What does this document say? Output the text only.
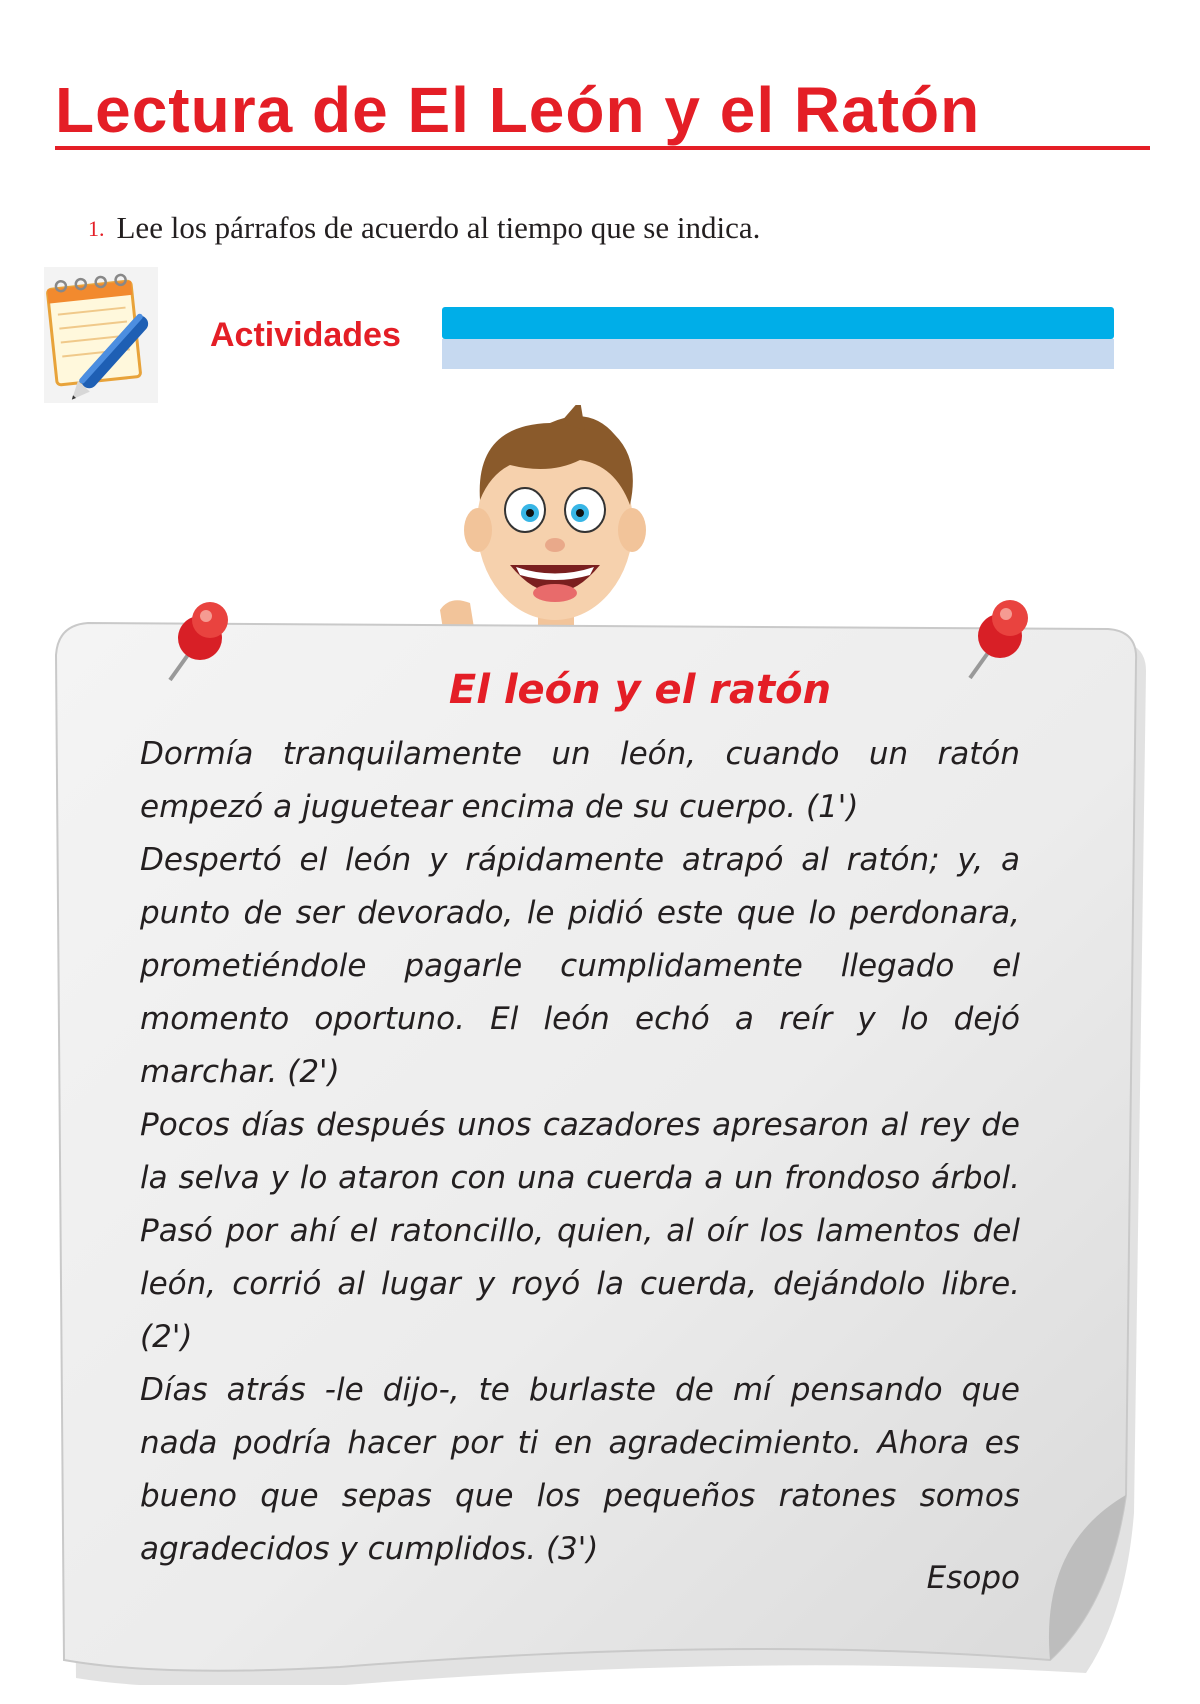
Lectura de El León y el Ratón
1. Lee los párrafos de acuerdo al tiempo que se indica.
Actividades
El león y el ratón

Dormía tranquilamente un león, cuando un ratón empezó a juguetear encima de su cuerpo. (1')

Despertó el león y rápidamente atrapó al ratón; y, a punto de ser devorado, le pidió este que lo perdonara, prometiéndole pagarle cumplidamente llegado el momento oportuno. El león echó a reír y lo dejó marchar. (2')

Pocos días después unos cazadores apresaron al rey de la selva y lo ataron con una cuerda a un frondoso árbol. Pasó por ahí el ratoncillo, quien, al oír los lamentos del león, corrió al lugar y royó la cuerda, dejándolo libre. (2')

Días atrás -le dijo-, te burlaste de mí pensando que nada podría hacer por ti en agradecimiento. Ahora es bueno que sepas que los pequeños ratones somos agradecidos y cumplidos. (3')

Esopo
